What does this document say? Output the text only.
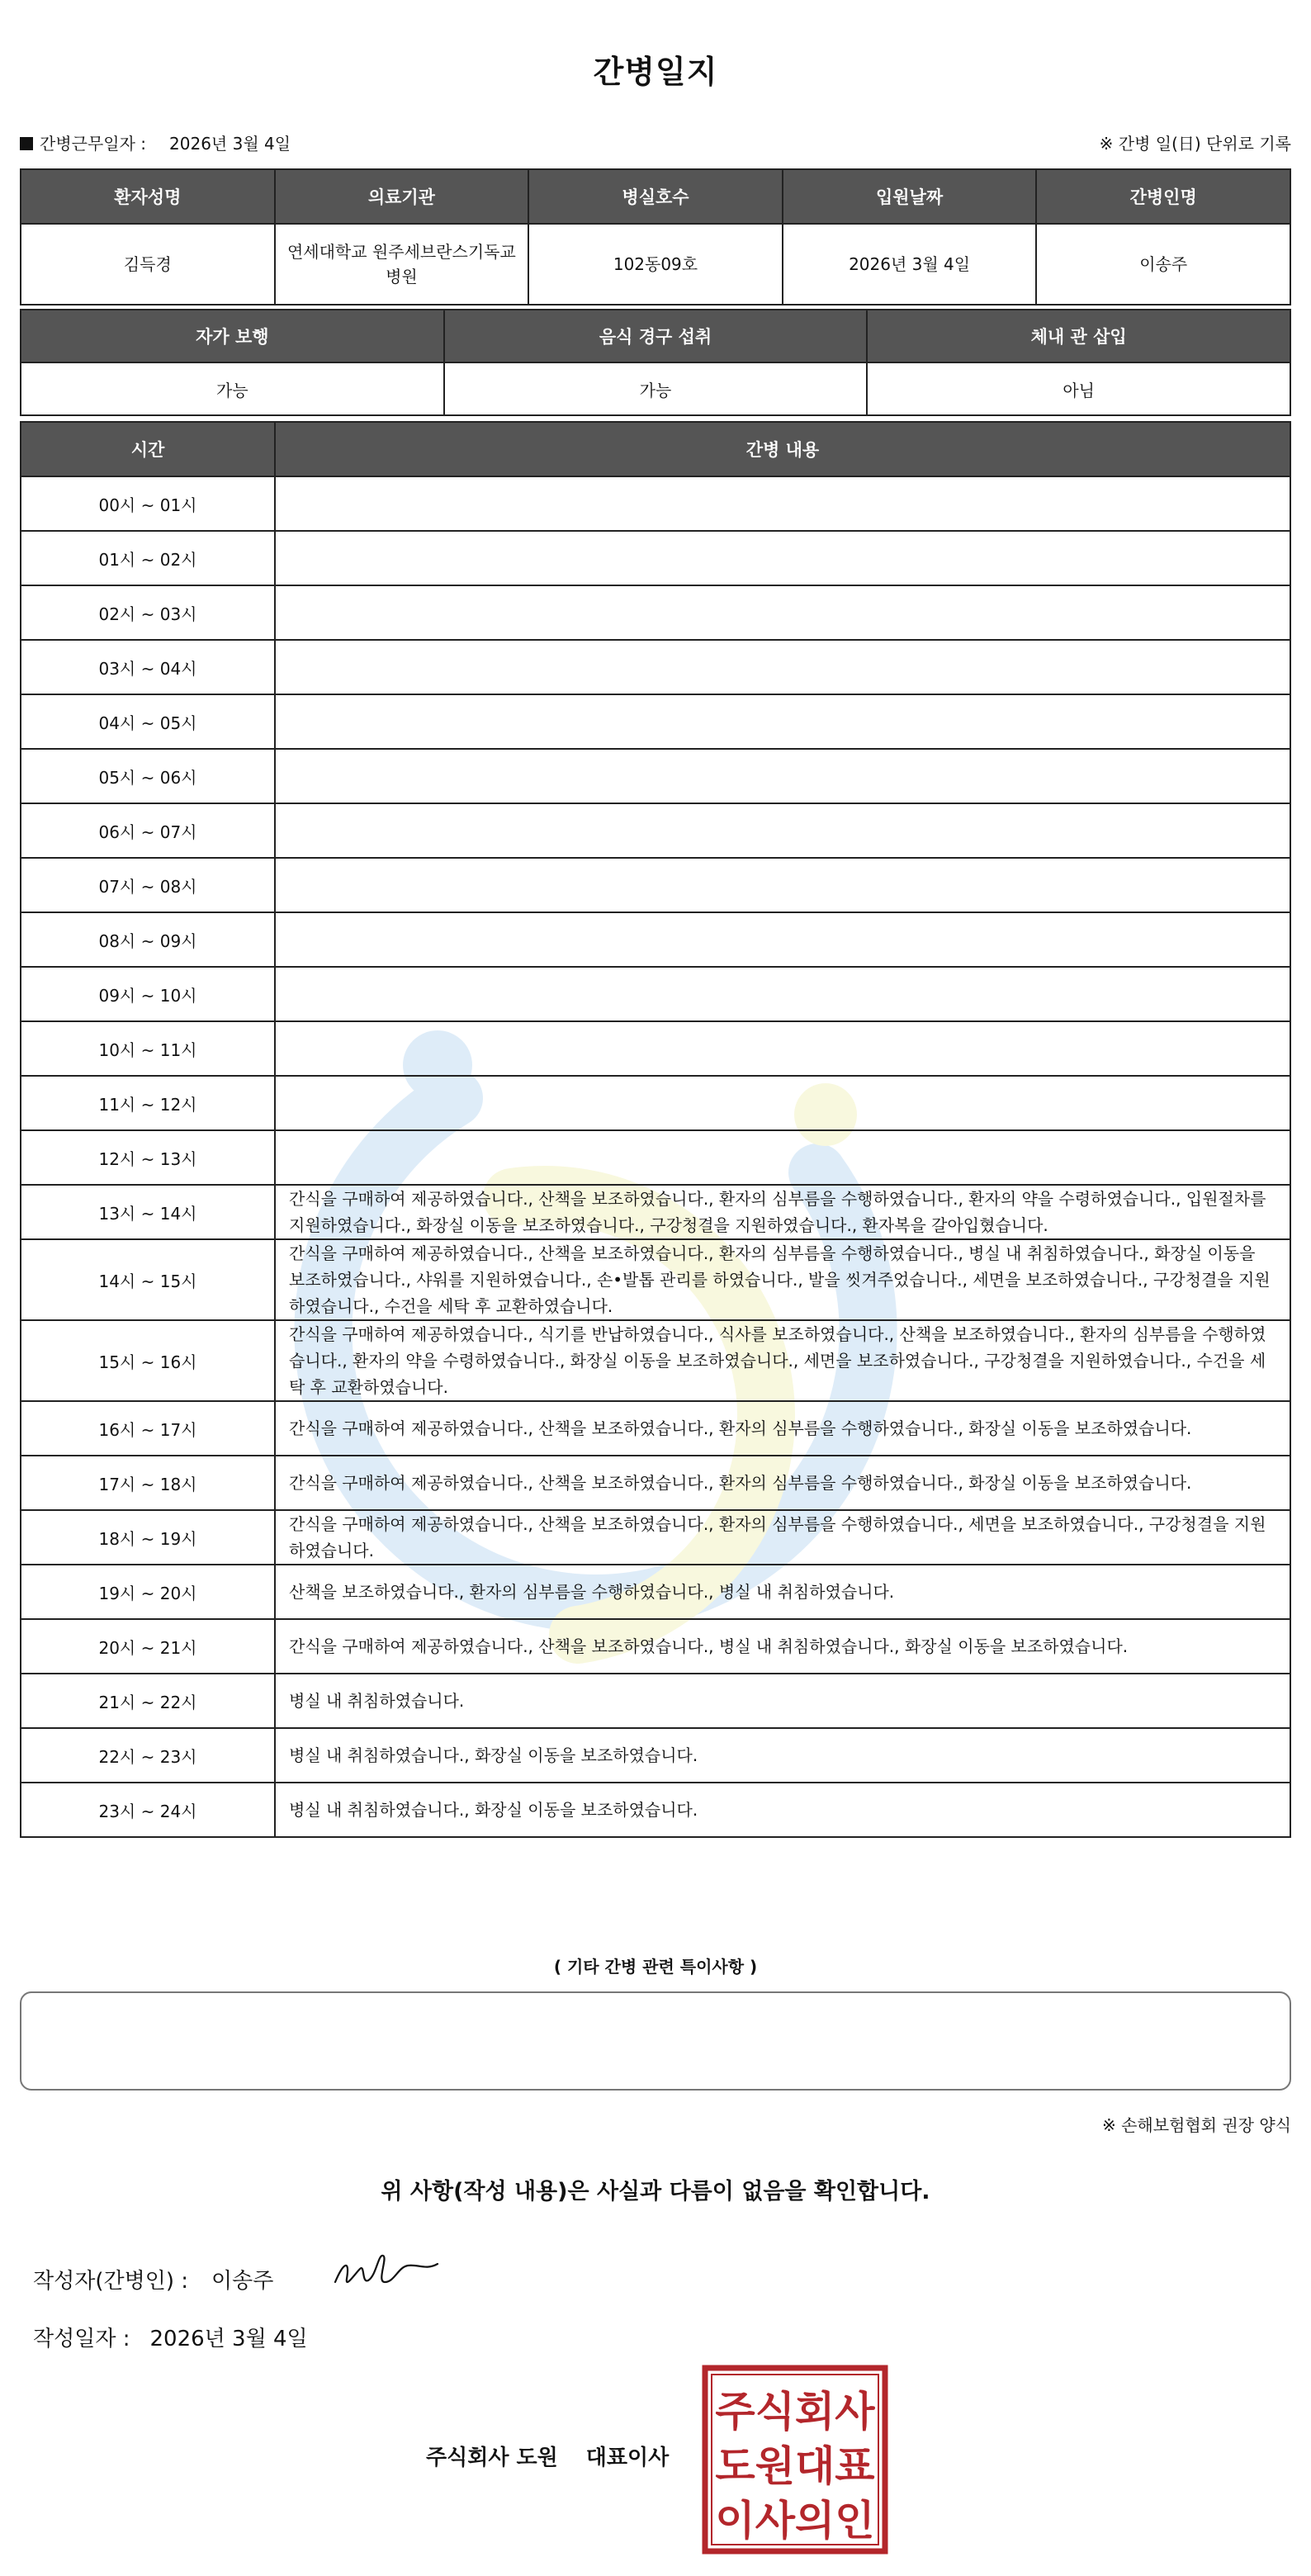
간병일지
간병근무일자 : 2026년 3월 4일	※ 간병 일(日) 단위로 기록
환자성명	의료기관	병실호수	입원날짜	간병인명
김득경	연세대학교 원주세브란스기독교병원	102동09호	2026년 3월 4일	이송주
자가 보행	음식 경구 섭취	체내 관 삽입
가능	가능	아님
시간	간병 내용
00시 ~ 01시	
01시 ~ 02시	
02시 ~ 03시	
03시 ~ 04시	
04시 ~ 05시	
05시 ~ 06시	
06시 ~ 07시	
07시 ~ 08시	
08시 ~ 09시	
09시 ~ 10시	
10시 ~ 11시	
11시 ~ 12시	
12시 ~ 13시	
13시 ~ 14시	간식을 구매하여 제공하였습니다., 산책을 보조하였습니다., 환자의 심부름을 수행하였습니다., 환자의 약을 수령하였습니다., 입원절차를 지원하였습니다., 화장실 이동을 보조하였습니다., 구강청결을 지원하였습니다., 환자복을 갈아입혔습니다.
14시 ~ 15시	간식을 구매하여 제공하였습니다., 산책을 보조하였습니다., 환자의 심부름을 수행하였습니다., 병실 내 취침하였습니다., 화장실 이동을 보조하였습니다., 샤워를 지원하였습니다., 손•발톱 관리를 하였습니다., 발을 씻겨주었습니다., 세면을 보조하였습니다., 구강청결을 지원하였습니다., 수건을 세탁 후 교환하였습니다.
15시 ~ 16시	간식을 구매하여 제공하였습니다., 식기를 반납하였습니다., 식사를 보조하였습니다., 산책을 보조하였습니다., 환자의 심부름을 수행하였습니다., 환자의 약을 수령하였습니다., 화장실 이동을 보조하였습니다., 세면을 보조하였습니다., 구강청결을 지원하였습니다., 수건을 세탁 후 교환하였습니다.
16시 ~ 17시	간식을 구매하여 제공하였습니다., 산책을 보조하였습니다., 환자의 심부름을 수행하였습니다., 화장실 이동을 보조하였습니다.
17시 ~ 18시	간식을 구매하여 제공하였습니다., 산책을 보조하였습니다., 환자의 심부름을 수행하였습니다., 화장실 이동을 보조하였습니다.
18시 ~ 19시	간식을 구매하여 제공하였습니다., 산책을 보조하였습니다., 환자의 심부름을 수행하였습니다., 세면을 보조하였습니다., 구강청결을 지원하였습니다.
19시 ~ 20시	산책을 보조하였습니다., 환자의 심부름을 수행하였습니다., 병실 내 취침하였습니다.
20시 ~ 21시	간식을 구매하여 제공하였습니다., 산책을 보조하였습니다., 병실 내 취침하였습니다., 화장실 이동을 보조하였습니다.
21시 ~ 22시	병실 내 취침하였습니다.
22시 ~ 23시	병실 내 취침하였습니다., 화장실 이동을 보조하였습니다.
23시 ~ 24시	병실 내 취침하였습니다., 화장실 이동을 보조하였습니다.
( 기타 간병 관련 특이사항 )
※ 손해보험협회 권장 양식
위 사항(작성 내용)은 사실과 다름이 없음을 확인합니다.
작성자(간병인) : 이송주
작성일자 : 2026년 3월 4일
주식회사 도원 대표이사
주식회사
도원대표
이사의인
